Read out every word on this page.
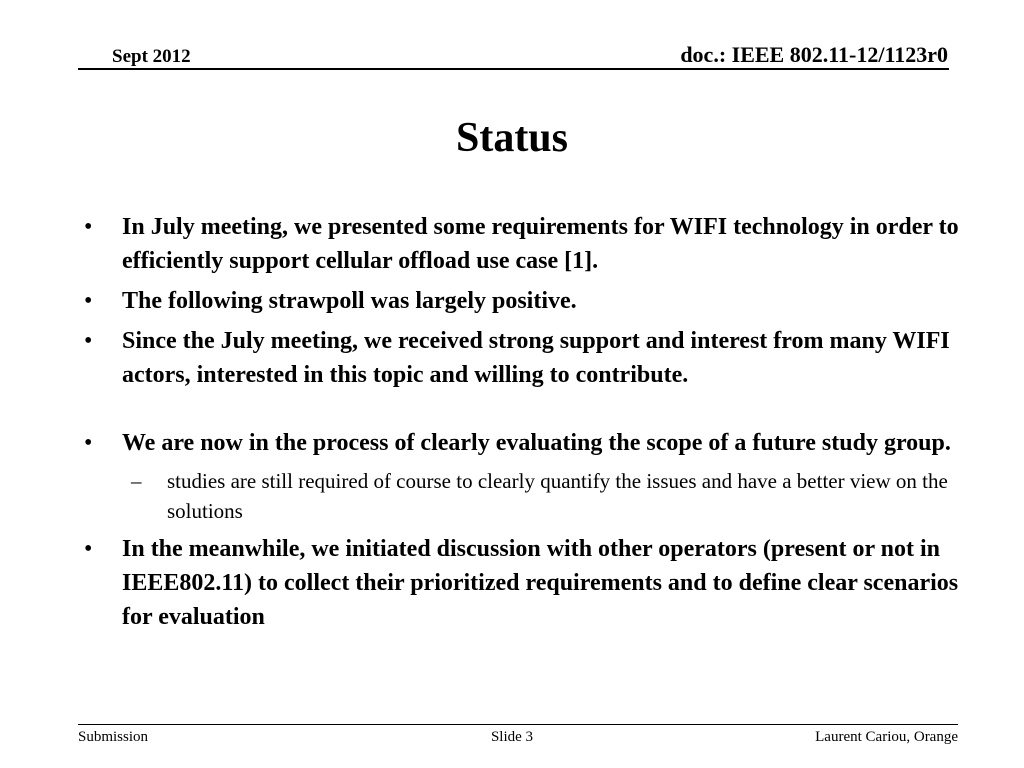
Sept 2012	doc.: IEEE 802.11-12/1123r0
Status
• In July meeting, we presented some requirements for WIFI technology in order to efficiently support cellular offload use case [1].
• The following strawpoll was largely positive.
• Since the July meeting, we received strong support and interest from many WIFI actors, interested in this topic and willing to contribute.
• We are now in the process of clearly evaluating the scope of a future study group.
– studies are still required of course to clearly quantify the issues and have a better view on the solutions
• In the meanwhile, we initiated discussion with other operators (present or not in IEEE802.11) to collect their prioritized requirements and to define clear scenarios for evaluation
Submission	Slide 3	Laurent Cariou, Orange
